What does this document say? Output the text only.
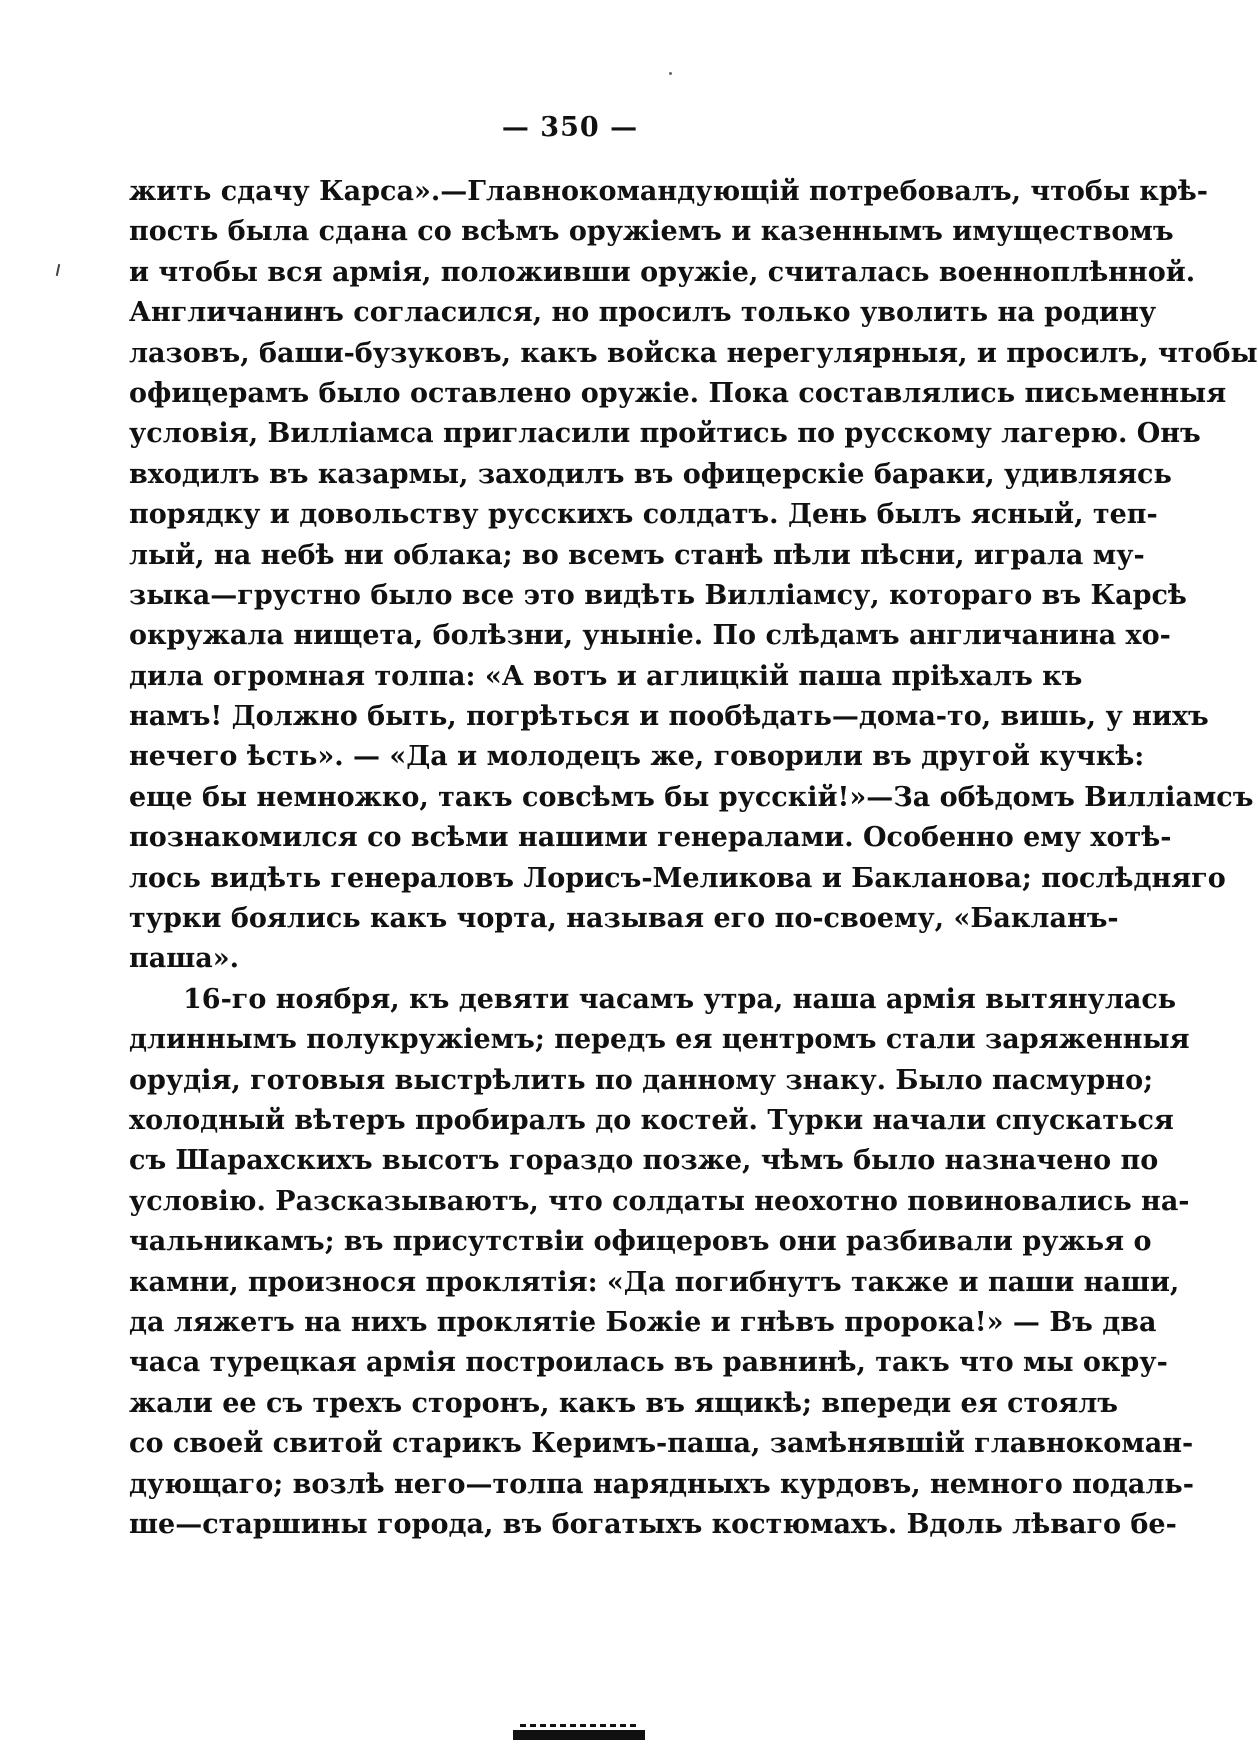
— 350 —
жить сдачу Карса».—Главнокомандующій потребовалъ, чтобы крѣ-
пость была сдана со всѣмъ оружіемъ и казеннымъ имуществомъ
и чтобы вся армія, положивши оружіе, считалась военноплѣнной.
Англичанинъ согласился, но просилъ только уволить на родину
лазовъ, баши-бузуковъ, какъ войска нерегулярныя, и просилъ, чтобы
офицерамъ было оставлено оружіе. Пока составлялись письменныя
условія, Вилліамса пригласили пройтись по русскому лагерю. Онъ
входилъ въ казармы, заходилъ въ офицерскіе бараки, удивляясь
порядку и довольству русскихъ солдатъ. День былъ ясный, теп-
лый, на небѣ ни облака; во всемъ станѣ пѣли пѣсни, играла му-
зыка—грустно было все это видѣть Вилліамсу, котораго въ Карсѣ
окружала нищета, болѣзни, уныніе. По слѣдамъ англичанина хо-
дила огромная толпа: «А вотъ и аглицкій паша пріѣхалъ къ
намъ! Должно быть, погрѣться и пообѣдать—дома-то, вишь, у нихъ
нечего ѣсть». — «Да и молодецъ же, говорили въ другой кучкѣ:
еще бы немножко, такъ совсѣмъ бы русскій!»—За обѣдомъ Вилліамсъ
познакомился со всѣми нашими генералами. Особенно ему хотѣ-
лось видѣть генераловъ Лорисъ-Меликова и Бакланова; послѣдняго
турки боялись какъ чорта, называя его по-своему, «Бакланъ-
паша».
16-го ноября, къ девяти часамъ утра, наша армія вытянулась
длиннымъ полукружіемъ; передъ ея центромъ стали заряженныя
орудія, готовыя выстрѣлить по данному знаку. Было пасмурно;
холодный вѣтеръ пробиралъ до костей. Турки начали спускаться
съ Шарахскихъ высотъ гораздо позже, чѣмъ было назначено по
условію. Разсказываютъ, что солдаты неохотно повиновались на-
чальникамъ; въ присутствіи офицеровъ они разбивали ружья о
камни, произнося проклятія: «Да погибнутъ также и паши наши,
да ляжетъ на нихъ проклятіе Божіе и гнѣвъ пророка!» — Въ два
часа турецкая армія построилась въ равнинѣ, такъ что мы окру-
жали ее съ трехъ сторонъ, какъ въ ящикѣ; впереди ея стоялъ
со своей свитой старикъ Керимъ-паша, замѣнявшій главнокоман-
дующаго; возлѣ него—толпа нарядныхъ курдовъ, немного подаль-
ше—старшины города, въ богатыхъ костюмахъ. Вдоль лѣваго бе-
